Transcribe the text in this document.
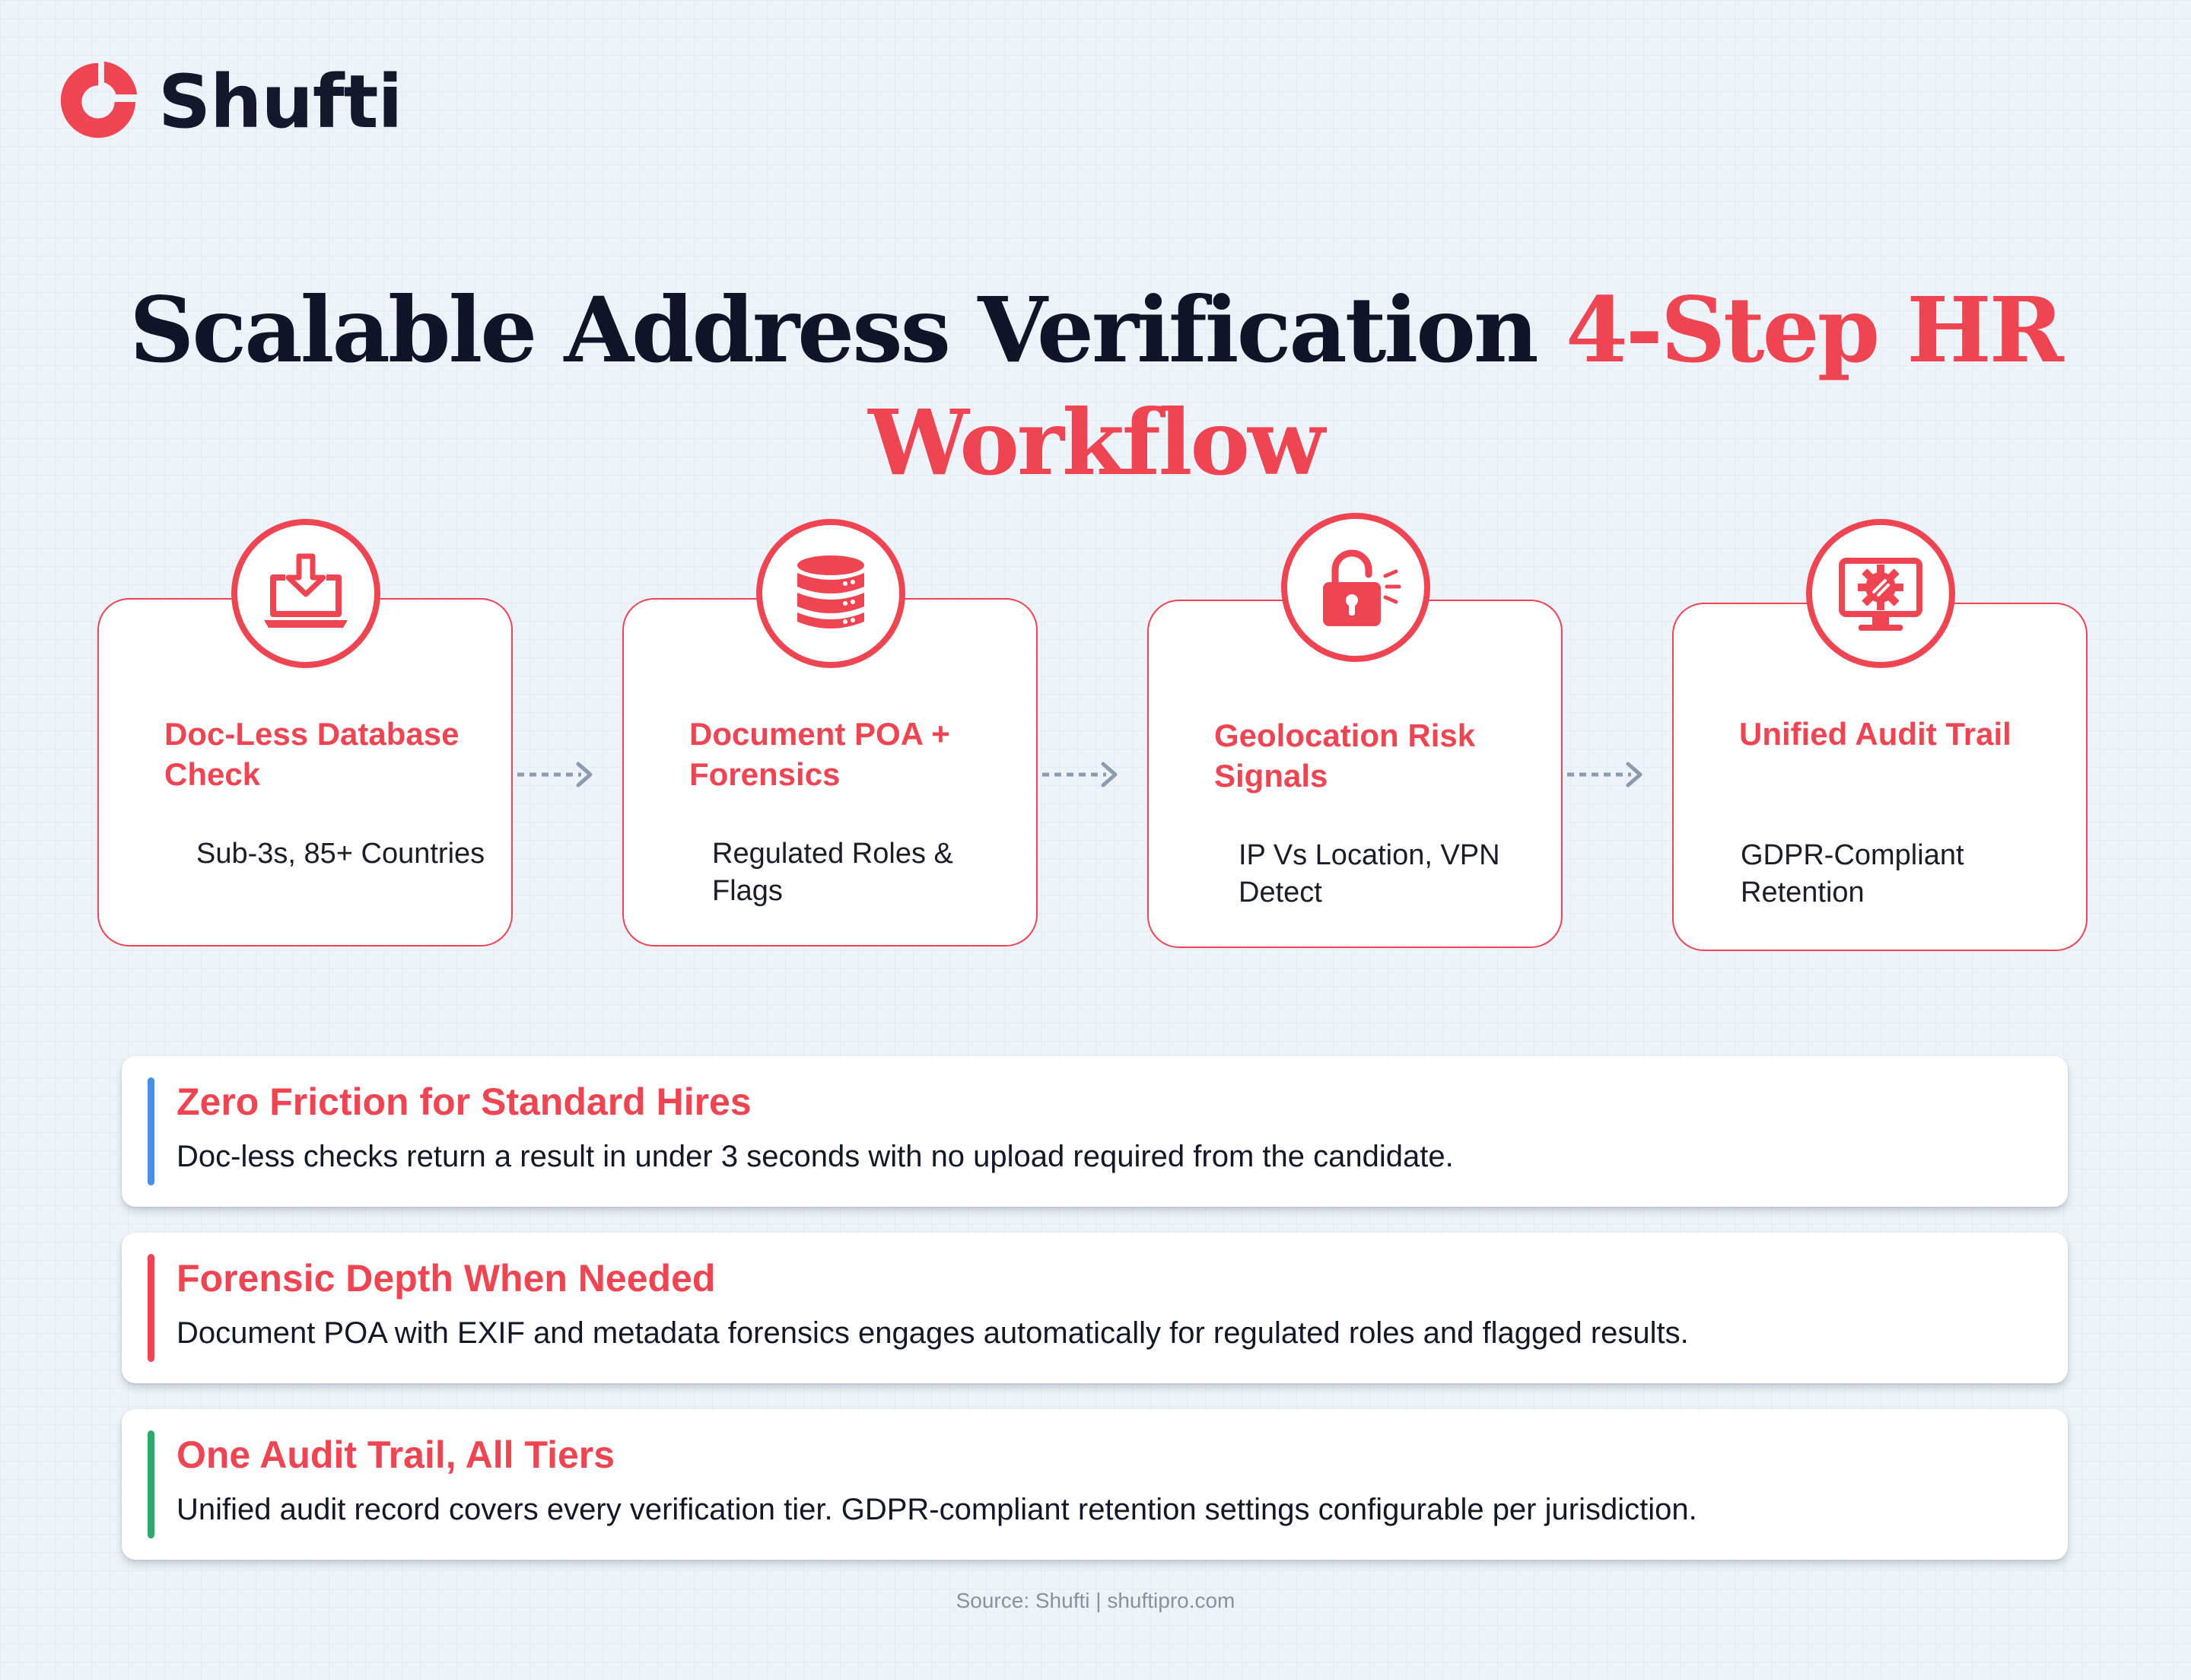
Shufti
Scalable Address Verification 4-Step HR Workflow
Doc-Less Database Check
Sub-3s, 85+ Countries
Document POA + Forensics
Regulated Roles & Flags
Geolocation Risk Signals
IP Vs Location, VPN Detect
Unified Audit Trail
GDPR-Compliant Retention
Zero Friction for Standard Hires
Doc-less checks return a result in under 3 seconds with no upload required from the candidate.
Forensic Depth When Needed
Document POA with EXIF and metadata forensics engages automatically for regulated roles and flagged results.
One Audit Trail, All Tiers
Unified audit record covers every verification tier. GDPR-compliant retention settings configurable per jurisdiction.
Source: Shufti | shuftipro.com
